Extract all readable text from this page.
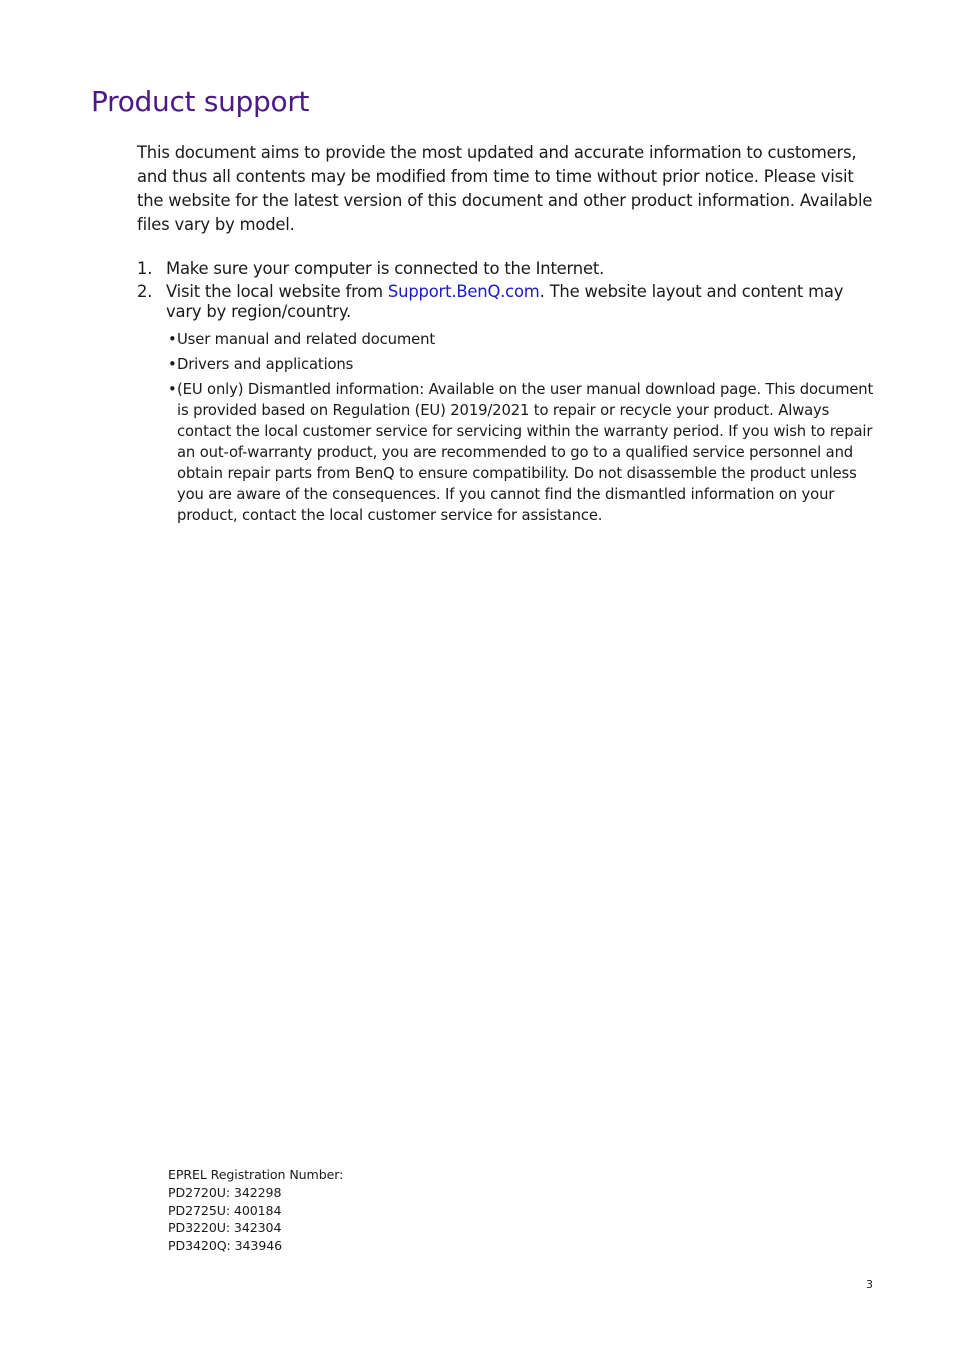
Product support

This document aims to provide the most updated and accurate information to customers, and thus all contents may be modified from time to time without prior notice. Please visit the website for the latest version of this document and other product information. Available files vary by model.

1. Make sure your computer is connected to the Internet.
2. Visit the local website from Support.BenQ.com. The website layout and content may vary by region/country.
• User manual and related document
• Drivers and applications
• (EU only) Dismantled information: Available on the user manual download page. This document is provided based on Regulation (EU) 2019/2021 to repair or recycle your product. Always contact the local customer service for servicing within the warranty period. If you wish to repair an out-of-warranty product, you are recommended to go to a qualified service personnel and obtain repair parts from BenQ to ensure compatibility. Do not disassemble the product unless you are aware of the consequences. If you cannot find the dismantled information on your product, contact the local customer service for assistance.
EPREL Registration Number:
PD2720U: 342298
PD2725U: 400184
PD3220U: 342304
PD3420Q: 343946
3
